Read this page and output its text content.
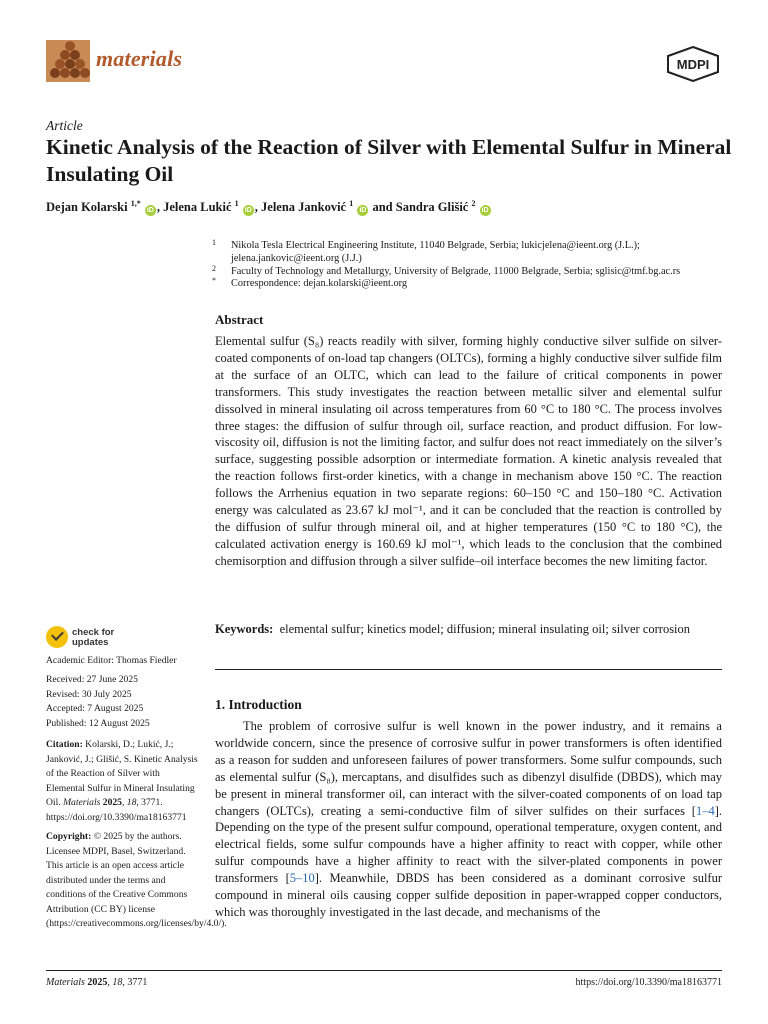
materials	MDPI
Article
Kinetic Analysis of the Reaction of Silver with Elemental Sulfur in Mineral Insulating Oil
Dejan Kolarski $^{1,*}$ iD , Jelena Lukić $^1$ iD , Jelena Janković $^1$ iD and Sandra Glišić $^2$ iD
1 Nikola Tesla Electrical Engineering Institute, 11040 Belgrade, Serbia; lukicjelena@ieent.org (J.L.); jelena.jankovic@ieent.org (J.J.)
2 Faculty of Technology and Metallurgy, University of Belgrade, 11000 Belgrade, Serbia; sglisic@tmf.bg.ac.rs
* Correspondence: dejan.kolarski@ieent.org
Abstract

Elemental sulfur (S₈) reacts readily with silver, forming highly conductive silver sulfide on silver-coated components of on-load tap changers (OLTCs), forming a highly conductive silver sulfide film at the surface of an OLTC, which can lead to the failure of critical components in power transformers. This study investigates the reaction between metallic silver and elemental sulfur dissolved in mineral insulating oil across temperatures from 60 °C to 180 °C. The process involves three stages: the diffusion of sulfur through oil, surface reaction, and product diffusion. For low-viscosity oil, diffusion is not the limiting factor, and sulfur does not react immediately on the silver’s surface, suggesting possible adsorption or intermediate formation. A kinetic analysis revealed that the reaction follows first-order kinetics, with a change in mechanism above 150 °C. The reaction follows the Arrhenius equation in two separate regions: 60–150 °C and 150–180 °C. Activation energy was calculated as 23.67 kJ mol⁻¹, and it can be concluded that the reaction is controlled by the diffusion of sulfur through mineral oil, and at higher temperatures (150 °C to 180 °C), the calculated activation energy is 160.69 kJ mol⁻¹, which leads to the conclusion that the combined chemisorption and diffusion through a silver sulfide–oil interface becomes the new limiting factor.

Keywords: elemental sulfur; kinetics model; diffusion; mineral insulating oil; silver corrosion

1. Introduction

The problem of corrosive sulfur is well known in the power industry, and it remains a worldwide concern, since the presence of corrosive sulfur in power transformers is often identified as a reason for sudden and unforeseen failures of power transformers. Some sulfur compounds, such as elemental sulfur (S₈), mercaptans, and disulfides such as dibenzyl disulfide (DBDS), which may be present in mineral transformer oil, can interact with the silver-coated components of on load tap changers (OLTCs), creating a semi-conductive film of silver sulfides on their surfaces [1–4]. Depending on the type of the present sulfur compound, operational temperature, oxygen content, and electrical fields, some sulfur compounds have a higher affinity to react with copper, while other sulfur compounds have a higher affinity to react with the silver-plated components in power transformers [5–10]. Meanwhile, DBDS has been considered as a dominant corrosive sulfur compound in mineral oils causing copper sulfide deposition in paper-wrapped copper conductors, which was thoroughly investigated in the last decade, and mechanisms of the

check for
updates
Academic Editor: Thomas Fiedler
Received: 27 June 2025
Revised: 30 July 2025
Accepted: 7 August 2025
Published: 12 August 2025

Citation: Kolarski, D.; Lukić, J.; Janković, J.; Glišić, S. Kinetic Analysis of the Reaction of Silver with Elemental Sulfur in Mineral Insulating Oil. Materials 2025, 18, 3771. https://doi.org/10.3390/ma18163771

Copyright: © 2025 by the authors. Licensee MDPI, Basel, Switzerland. This article is an open access article distributed under the terms and conditions of the Creative Commons Attribution (CC BY) license (https://creativecommons.org/licenses/by/4.0/).

Materials 2025, 18, 3771	https://doi.org/10.3390/ma18163771
